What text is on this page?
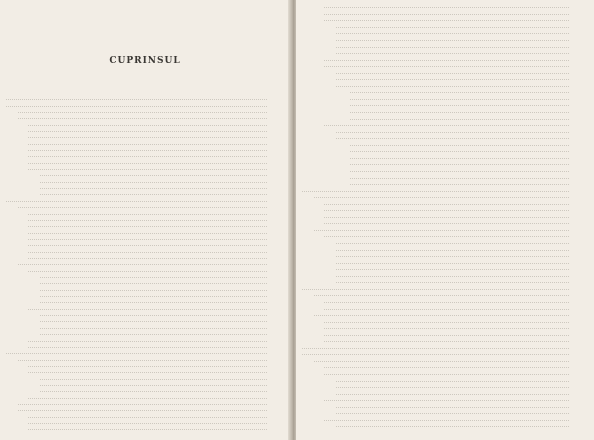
CUPRINSUL
